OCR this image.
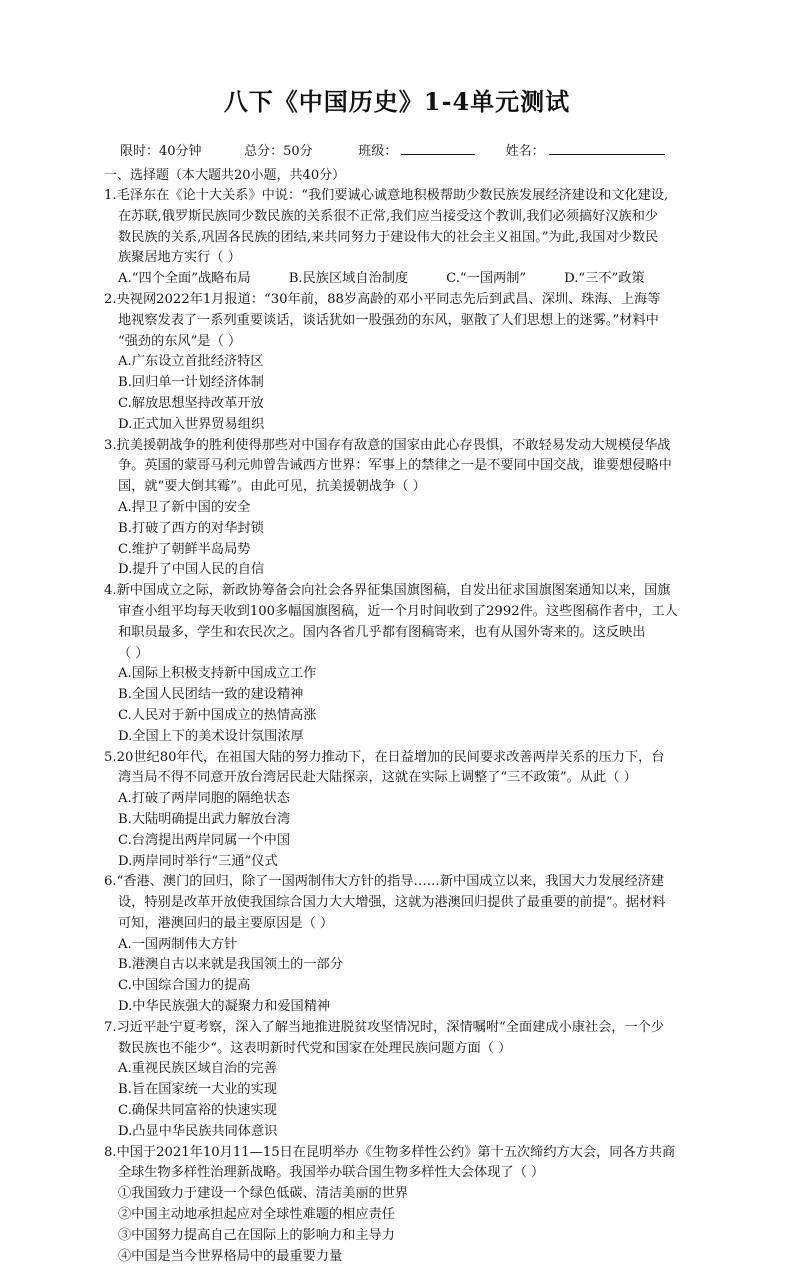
八下《中国历史》1-4单元测试
限时：40分钟	总分：50分	班级：	姓名：
一、选择题（本大题共20小题，共40分）
1.毛泽东在《论十大关系》中说：“我们要诚心诚意地积极帮助少数民族发展经济建设和文化建设,
在苏联,俄罗斯民族同少数民族的关系很不正常,我们应当接受这个教训,我们必须搞好汉族和少
数民族的关系,巩固各民族的团结,来共同努力于建设伟大的社会主义祖国。”为此,我国对少数民
族聚居地方实行（ ）
A.“四个全面”战略布局	B.民族区域自治制度	C.“一国两制”	D.“三不”政策
2.央视网2022年1月报道：“30年前，88岁高龄的邓小平同志先后到武昌、深圳、珠海、上海等
地视察发表了一系列重要谈话，谈话犹如一股强劲的东风，驱散了人们思想上的迷雾。”材料中
“强劲的东风”是（ ）
A.广东设立首批经济特区
B.回归单一计划经济体制
C.解放思想坚持改革开放
D.正式加入世界贸易组织
3.抗美援朝战争的胜利使得那些对中国存有敌意的国家由此心存畏惧，不敢轻易发动大规模侵华战
争。英国的蒙哥马利元帅曾告诫西方世界：军事上的禁律之一是不要同中国交战，谁要想侵略中
国，就“要大倒其霉”。由此可见，抗美援朝战争（ ）
A.捍卫了新中国的安全
B.打破了西方的对华封锁
C.维护了朝鲜半岛局势
D.提升了中国人民的自信
4.新中国成立之际，新政协筹备会向社会各界征集国旗图稿，自发出征求国旗图案通知以来，国旗
审查小组平均每天收到100多幅国旗图稿，近一个月时间收到了2992件。这些图稿作者中，工人
和职员最多，学生和农民次之。国内各省几乎都有图稿寄来，也有从国外寄来的。这反映出
（ ）
A.国际上积极支持新中国成立工作
B.全国人民团结一致的建设精神
C.人民对于新中国成立的热情高涨
D.全国上下的美术设计氛围浓厚
5.20世纪80年代，在祖国大陆的努力推动下，在日益增加的民间要求改善两岸关系的压力下，台
湾当局不得不同意开放台湾居民赴大陆探亲，这就在实际上调整了“三不政策”。从此（ ）
A.打破了两岸同胞的隔绝状态
B.大陆明确提出武力解放台湾
C.台湾提出两岸同属一个中国
D.两岸同时举行“三通”仪式
6.“香港、澳门的回归，除了一国两制伟大方针的指导……新中国成立以来，我国大力发展经济建
设，特别是改革开放使我国综合国力大大增强，这就为港澳回归提供了最重要的前提”。据材料
可知，港澳回归的最主要原因是（ ）
A.一国两制伟大方针
B.港澳自古以来就是我国领土的一部分
C.中国综合国力的提高
D.中华民族强大的凝聚力和爱国精神
7.习近平赴宁夏考察，深入了解当地推进脱贫攻坚情况时，深情嘱咐“全面建成小康社会，一个少
数民族也不能少“。这表明新时代党和国家在处理民族问题方面（ ）
A.重视民族区域自治的完善
B.旨在国家统一大业的实现
C.确保共同富裕的快速实现
D.凸显中华民族共同体意识
8.中国于2021年10月11—15日在昆明举办《生物多样性公约》第十五次缔约方大会，同各方共商
全球生物多样性治理新战略。我国举办联合国生物多样性大会体现了（ ）
①我国致力于建设一个绿色低碳、清洁美丽的世界
②中国主动地承担起应对全球性难题的相应责任
③中国努力提高自己在国际上的影响力和主导力
④中国是当今世界格局中的最重要力量
